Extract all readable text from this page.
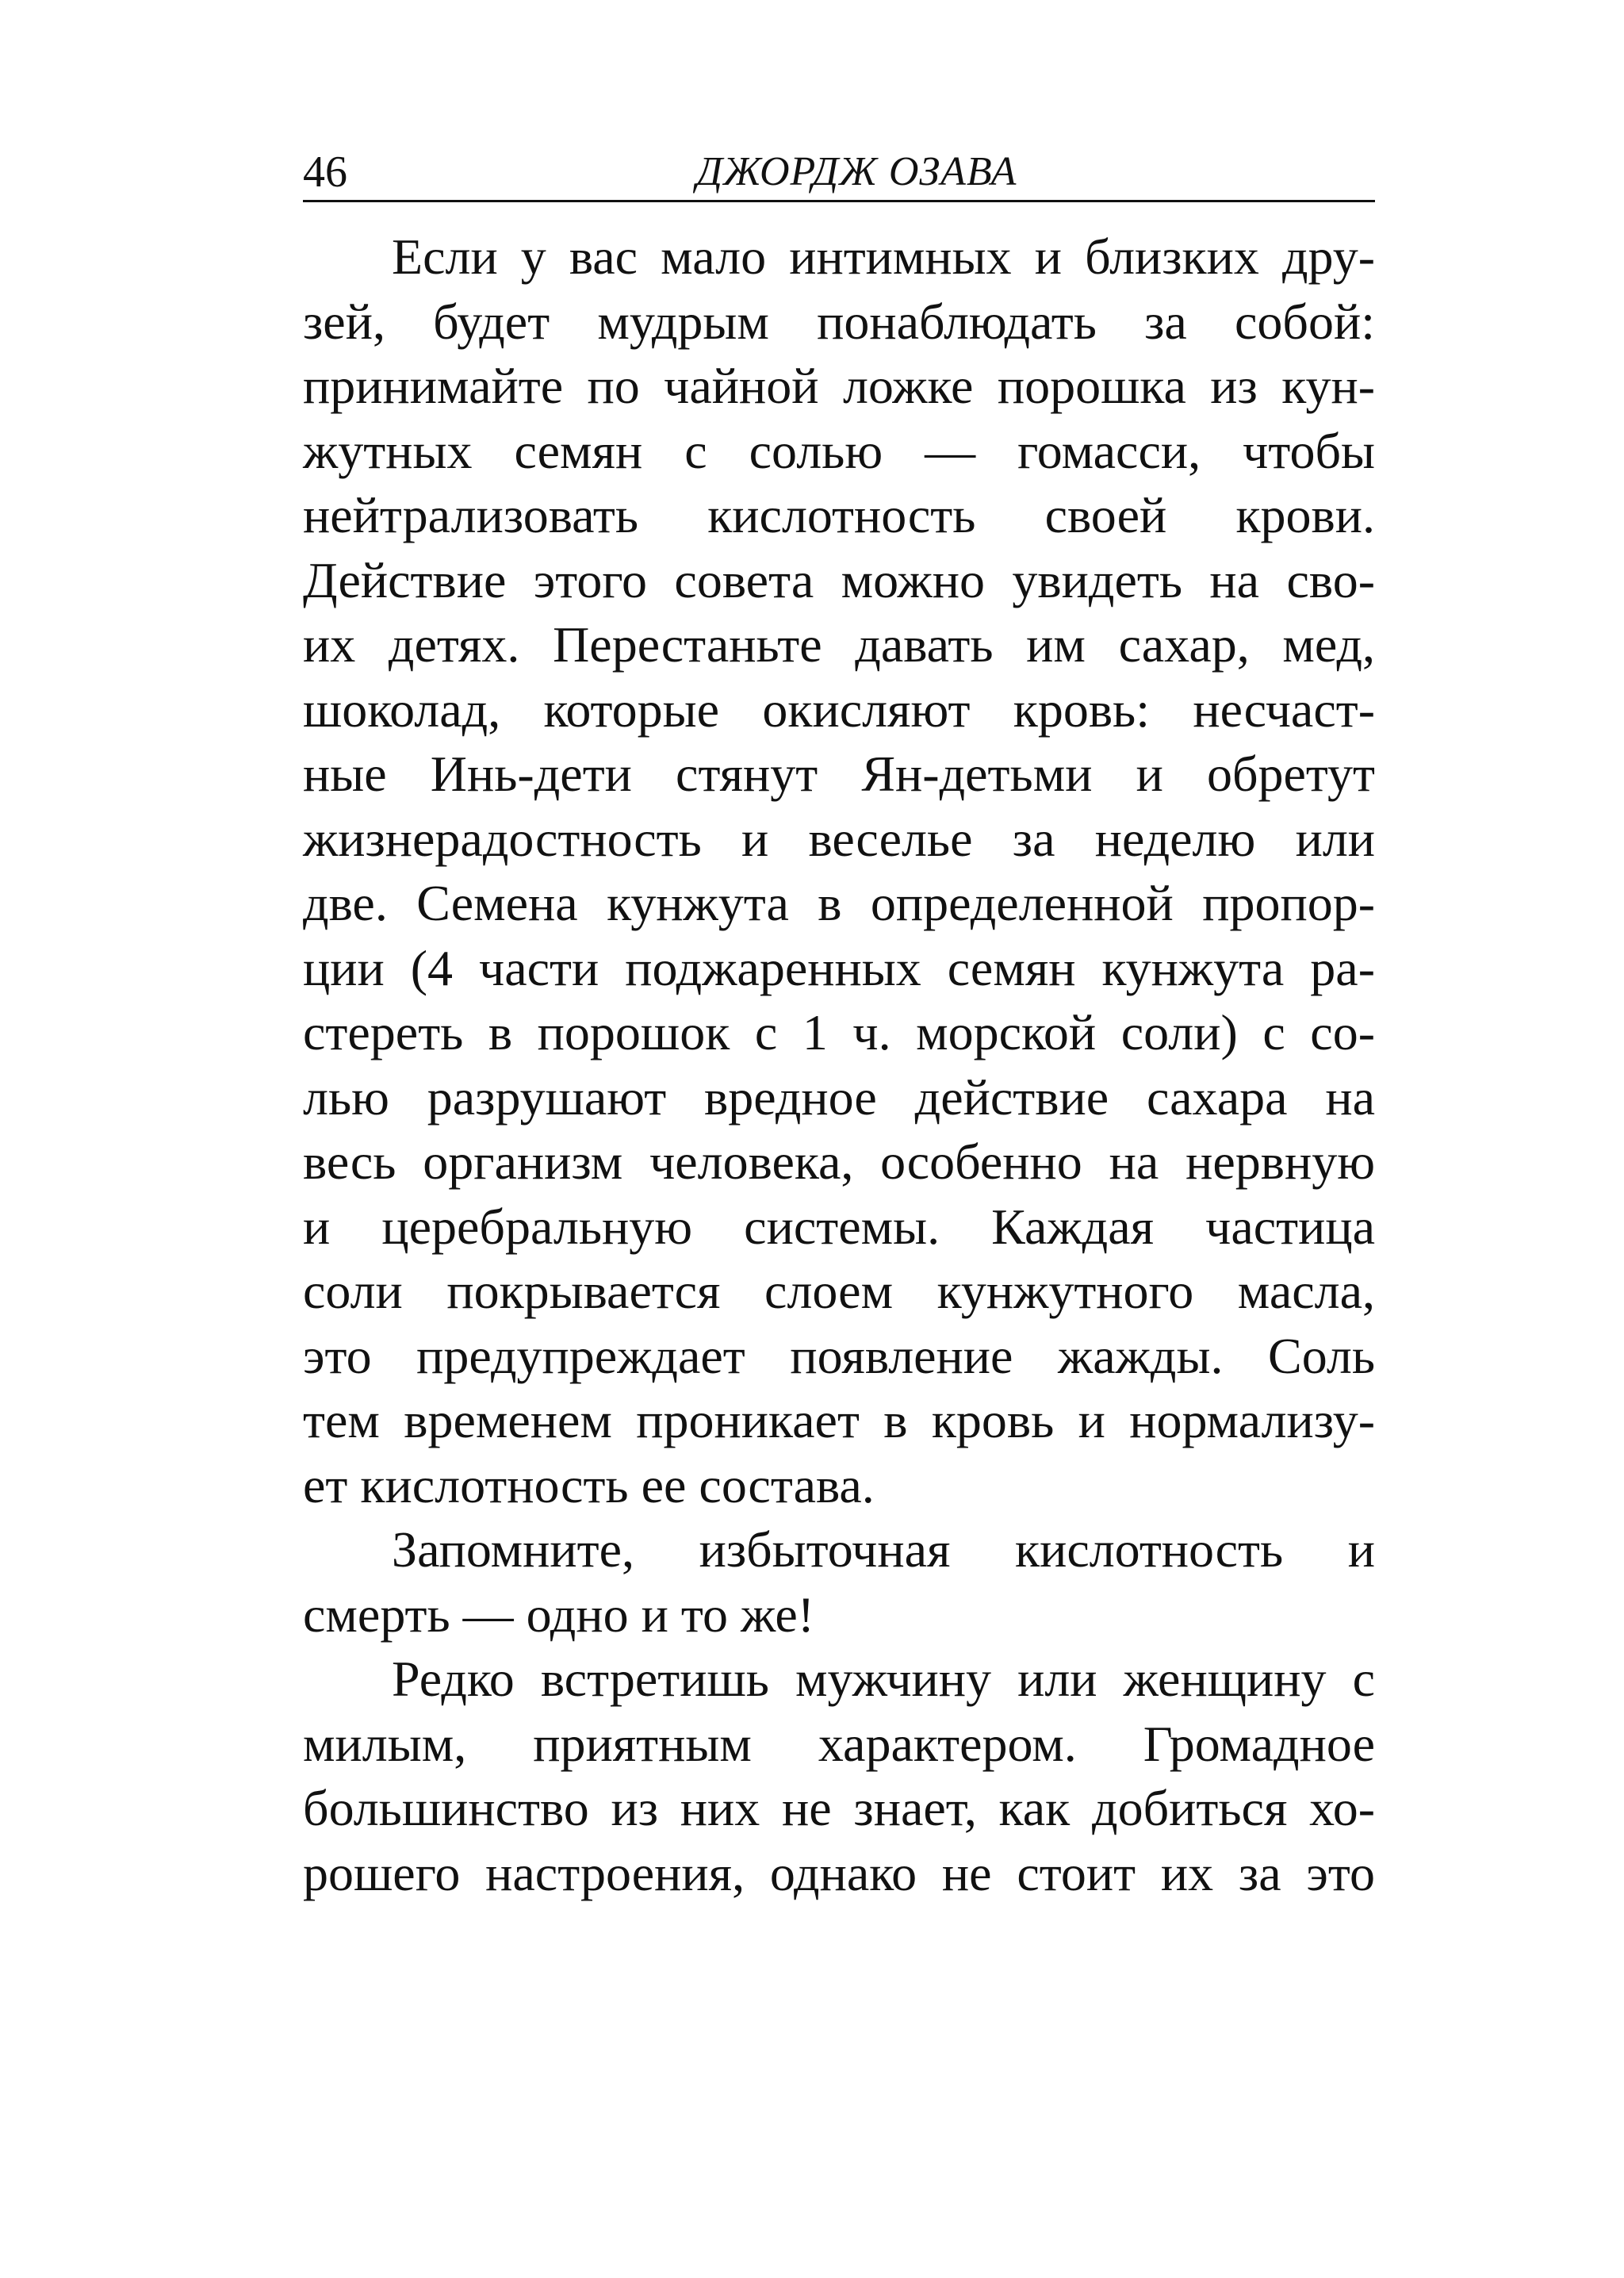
46	ДЖОРДЖ ОЗАВА
Если у вас мало интимных и близких дру-
зей, будет мудрым понаблюдать за собой:
принимайте по чайной ложке порошка из кун-
жутных семян с солью — гомасси, чтобы
нейтрализовать кислотность своей крови.
Действие этого совета можно увидеть на сво-
их детях. Перестаньте давать им сахар, мед,
шоколад, которые окисляют кровь: несчаст-
ные Инь-дети стянут Ян-детьми и обретут
жизнерадостность и веселье за неделю или
две. Семена кунжута в определенной пропор-
ции (4 части поджаренных семян кунжута ра-
стереть в порошок с 1 ч. морской соли) с со-
лью разрушают вредное действие сахара на
весь организм человека, особенно на нервную
и церебральную системы. Каждая частица
соли покрывается слоем кунжутного масла,
это предупреждает появление жажды. Соль
тем временем проникает в кровь и нормализу-
ет кислотность ее состава.
Запомните, избыточная кислотность и
смерть — одно и то же!
Редко встретишь мужчину или женщину с
милым, приятным характером. Громадное
большинство из них не знает, как добиться хо-
рошего настроения, однако не стоит их за это
